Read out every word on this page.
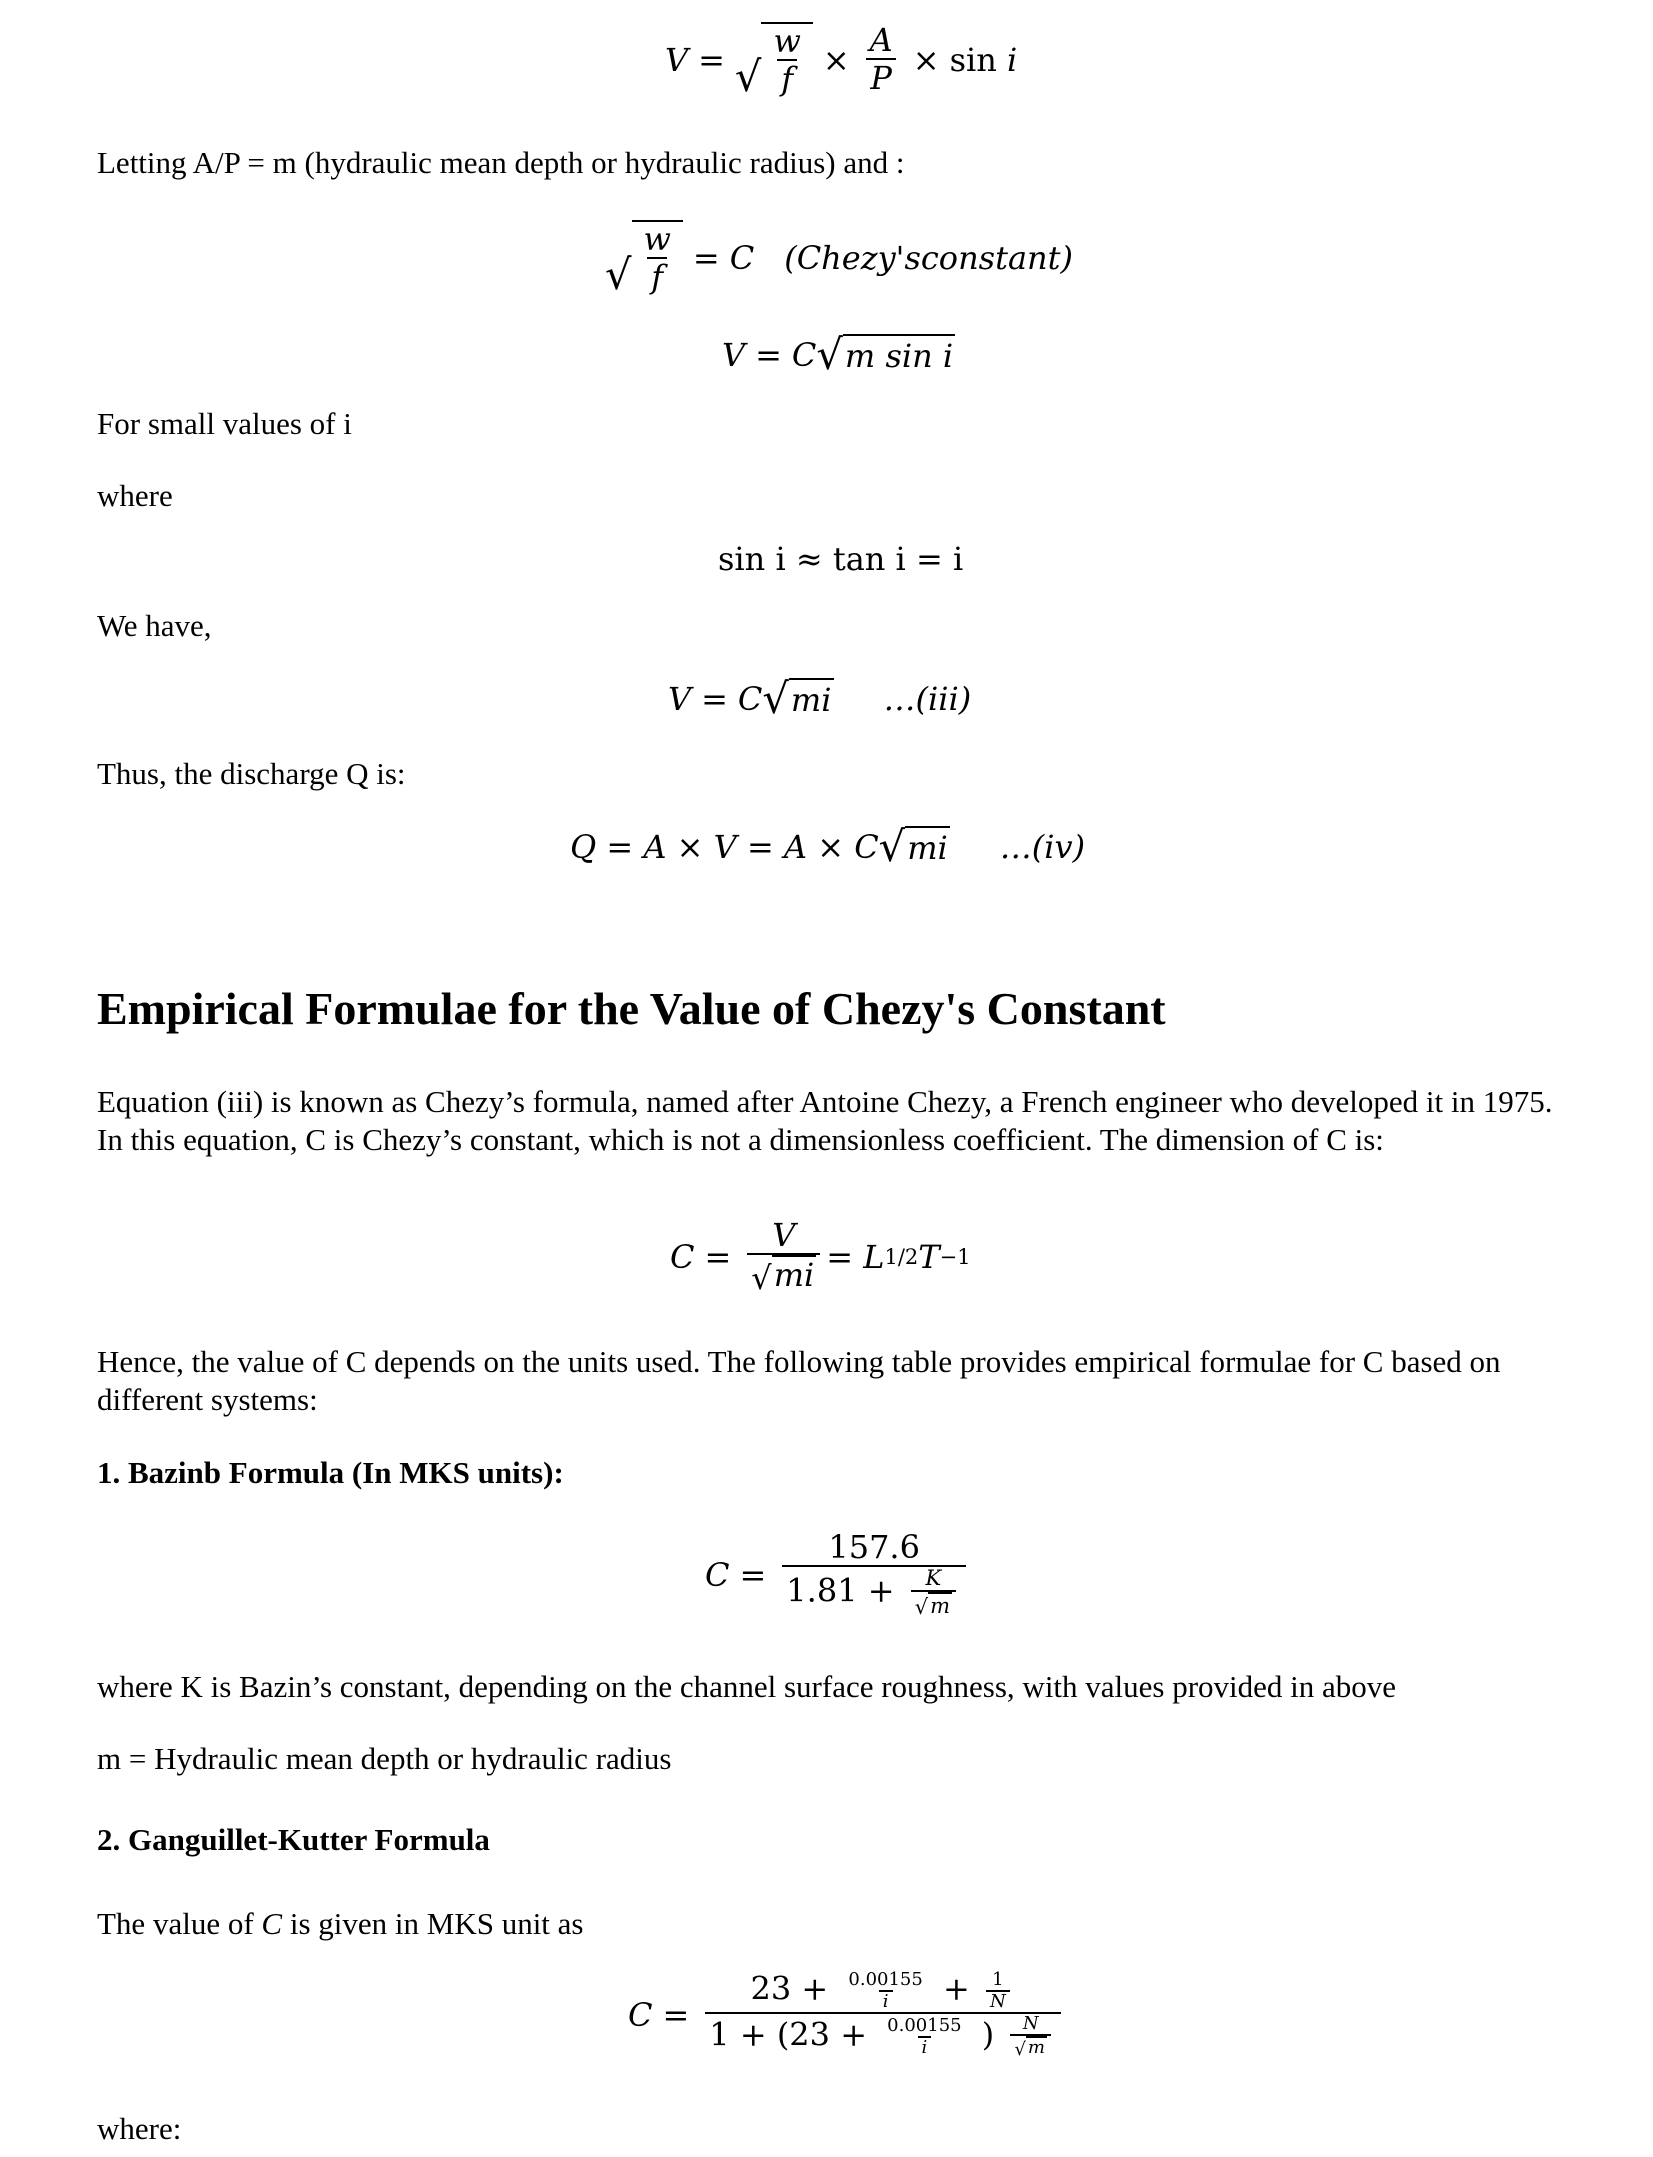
V = √ $\frac{w}{f} \times \frac{A}{P} \times \sin$
i
Letting A/P = m (hydraulic mean depth or hydraulic radius) and :
√ $\frac{w}{f} = C$ (Chezy'sconstant)
V = C √ m sin
i
For small values of i
where
sin i ≈ tan i = i
We have,
V = C √ mi …(iii)
Thus, the discharge Q is:
Q = A × V = A × C √ mi …(iv)
Empirical Formulae for the Value of Chezy's Constant
Equation (iii) is known as Chezy’s formula, named after Antoine Chezy, a French engineer who developed it in 1975. In this equation, C is Chezy’s constant, which is not a dimensionless coefficient. The dimension of C is:
$C = \frac{V}{√ mi} = L$ 1/2 T −1
Hence, the value of C depends on the units used. The following table provides empirical formulae for C based on different systems:
1. Bazinb Formula (In MKS units):
$C = \frac{157.6}{1.81 + \frac{K}{√ m}}$
where K is Bazin’s constant, depending on the channel surface roughness, with values provided in above
m = Hydraulic mean depth or hydraulic radius
2. Ganguillet-Kutter Formula
The value of C is given in MKS unit as
$C = \frac{23 + \frac{0.00155}{i} + \frac{1}{N}}{1 + (23 + \frac{0.00155}{i} ) \frac{N}{√ m}}$
where:
